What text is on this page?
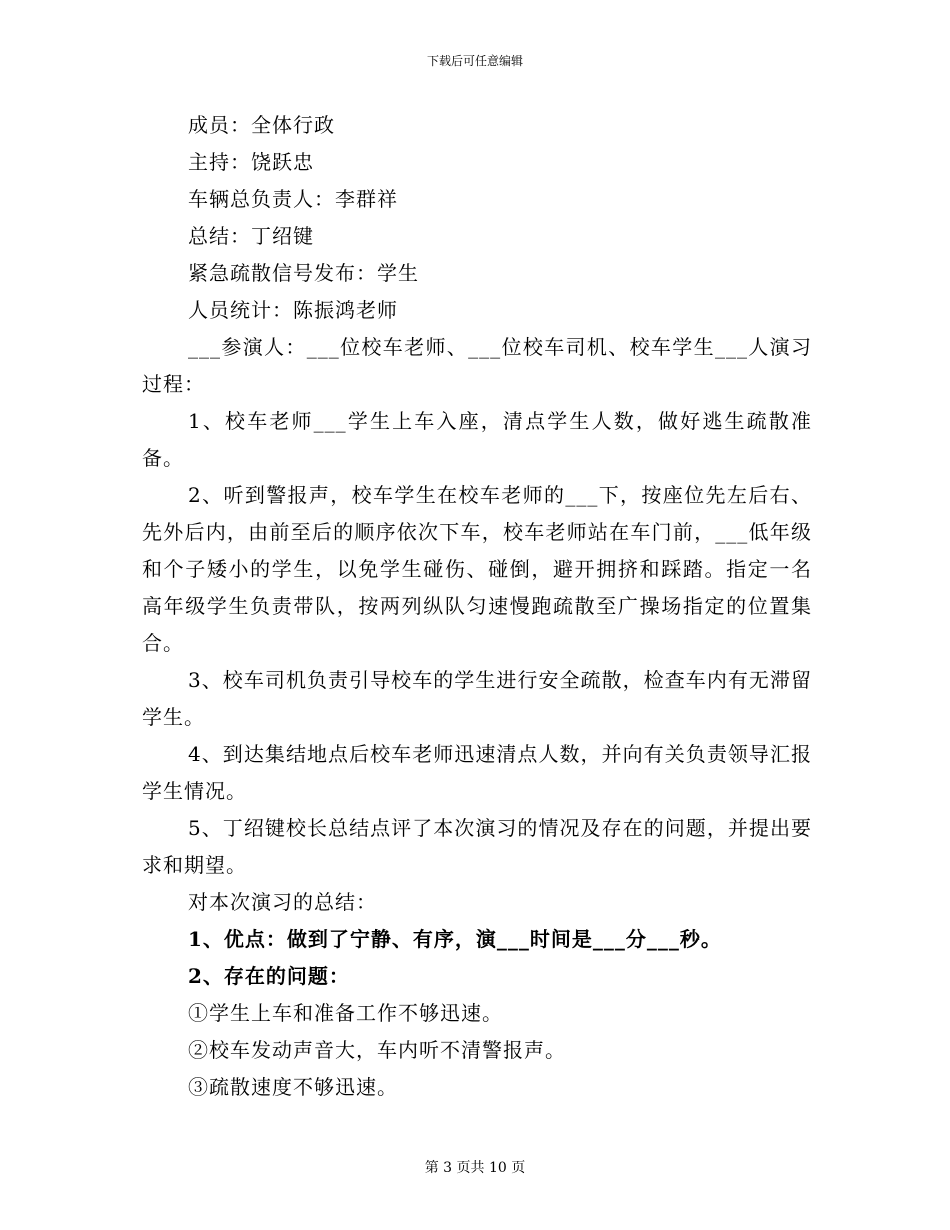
下载后可任意编辑
成员：全体行政
主持：饶跃忠
车辆总负责人：李群祥
总结：丁绍键
紧急疏散信号发布：学生
人员统计：陈振鸿老师
___参演人：___位校车老师、___位校车司机、校车学生___人演习过程：
1、校车老师___学生上车入座，清点学生人数，做好逃生疏散准备。
2、听到警报声，校车学生在校车老师的___下，按座位先左后右、先外后内，由前至后的顺序依次下车，校车老师站在车门前，___低年级和个子矮小的学生，以免学生碰伤、碰倒，避开拥挤和踩踏。指定一名高年级学生负责带队，按两列纵队匀速慢跑疏散至广操场指定的位置集合。
3、校车司机负责引导校车的学生进行安全疏散，检查车内有无滞留学生。
4、到达集结地点后校车老师迅速清点人数，并向有关负责领导汇报学生情况。
5、丁绍键校长总结点评了本次演习的情况及存在的问题，并提出要求和期望。
对本次演习的总结：
1、优点：做到了宁静、有序，演___时间是___分___秒。
2、存在的问题：
①学生上车和准备工作不够迅速。
②校车发动声音大，车内听不清警报声。
③疏散速度不够迅速。
第 3 页共 10 页
